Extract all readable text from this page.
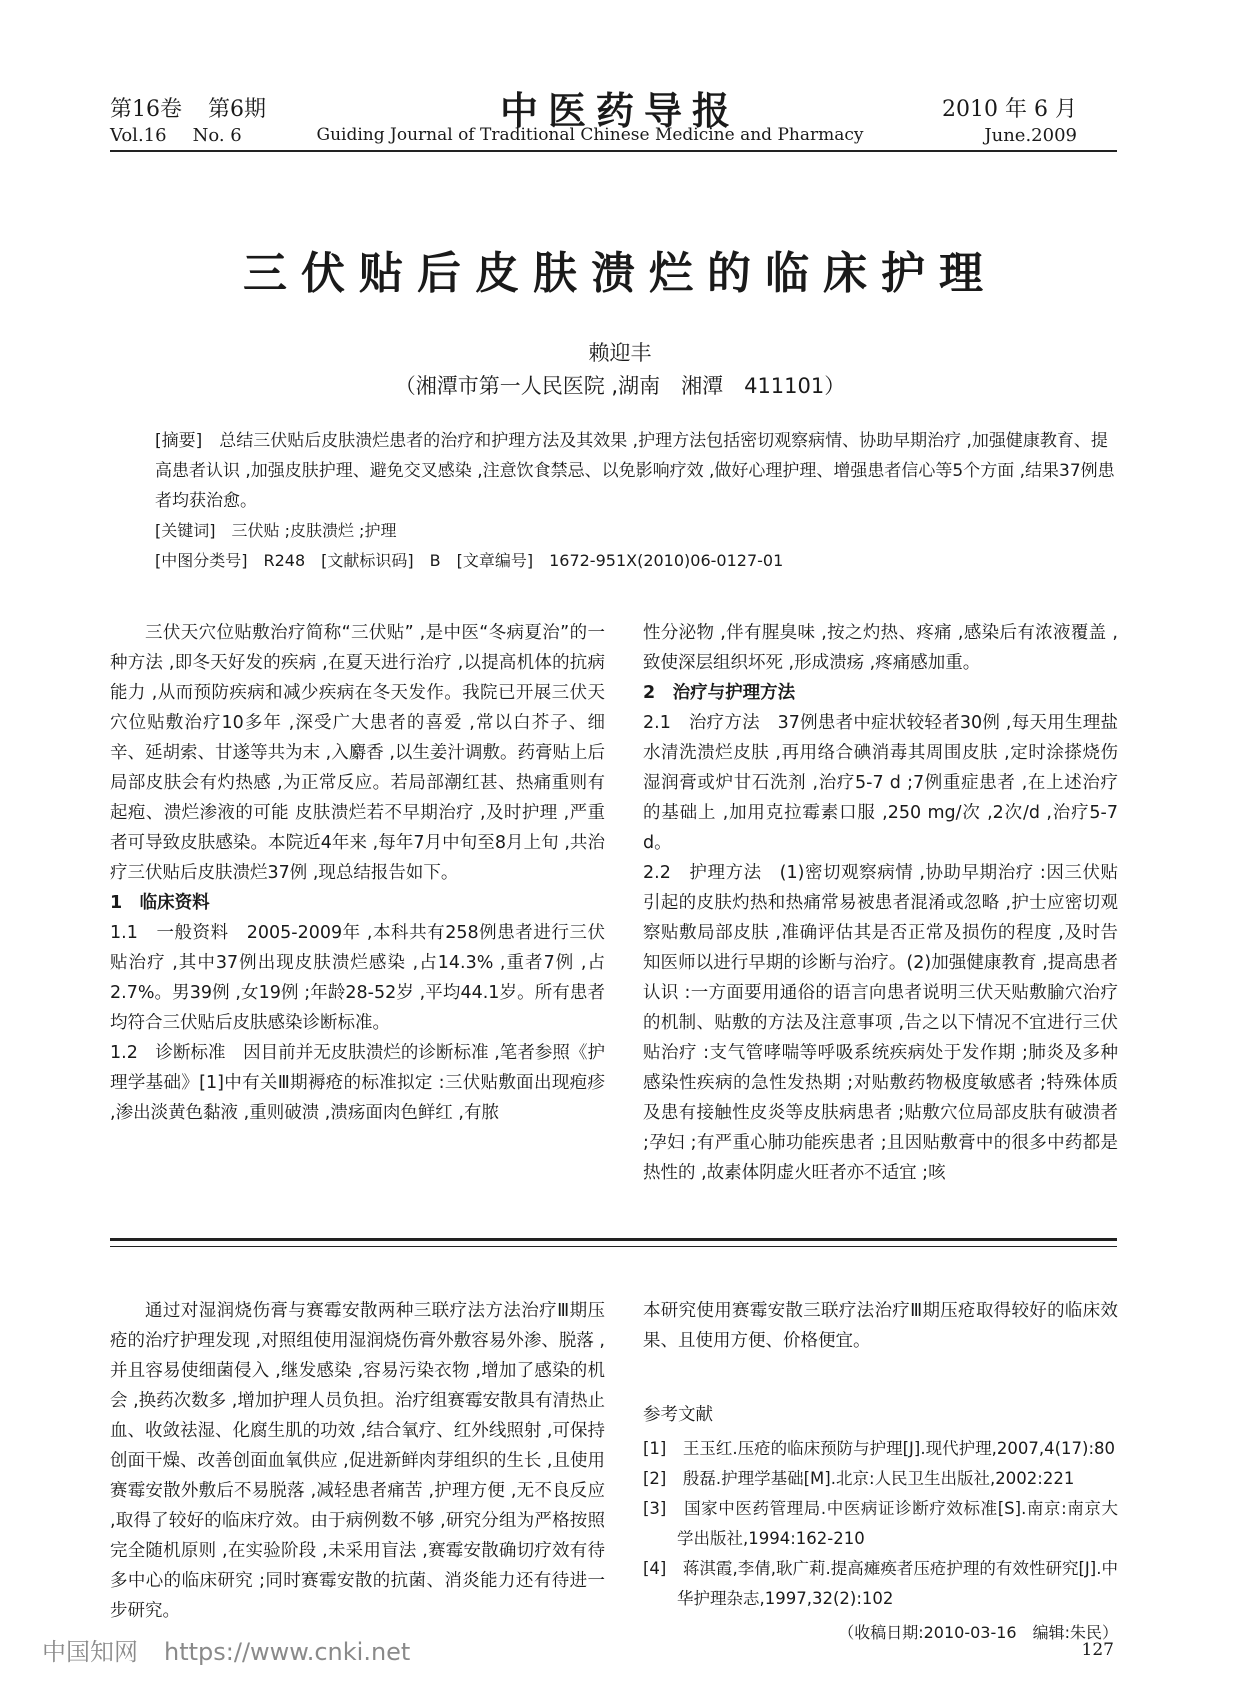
第16卷 第6期
Vol.16 No. 6
中医药导报
Guiding Journal of Traditional Chinese Medicine and Pharmacy
2010 年 6 月
June.2009
三伏贴后皮肤溃烂的临床护理
赖迎丰
（湘潭市第一人民医院 ,湖南　湘潭　411101）

[摘要]　总结三伏贴后皮肤溃烂患者的治疗和护理方法及其效果 ,护理方法包括密切观察病情、协助早期治疗 ,加强健康教育、提高患者认识 ,加强皮肤护理、避免交叉感染 ,注意饮食禁忌、以免影响疗效 ,做好心理护理、增强患者信心等5个方面 ,结果37例患者均获治愈。

[关键词]　三伏贴 ;皮肤溃烂 ;护理

[中图分类号]　R248　[文献标识码]　B　[文章编号]　1672-951X(2010)06-0127-01

三伏天穴位贴敷治疗简称“三伏贴” ,是中医“冬病夏治”的一种方法 ,即冬天好发的疾病 ,在夏天进行治疗 ,以提高机体的抗病能力 ,从而预防疾病和减少疾病在冬天发作。我院已开展三伏天穴位贴敷治疗10多年 ,深受广大患者的喜爱 ,常以白芥子、细辛、延胡索、甘遂等共为末 ,入麝香 ,以生姜汁调敷。药膏贴上后局部皮肤会有灼热感 ,为正常反应。若局部潮红甚、热痛重则有起疱、溃烂渗液的可能 皮肤溃烂若不早期治疗 ,及时护理 ,严重者可导致皮肤感染。本院近4年来 ,每年7月中旬至8月上旬 ,共治疗三伏贴后皮肤溃烂37例 ,现总结报告如下。

1　临床资料

1.1　一般资料　2005-2009年 ,本科共有258例患者进行三伏贴治疗 ,其中37例出现皮肤溃烂感染 ,占14.3% ,重者7例 ,占2.7%。男39例 ,女19例 ;年龄28-52岁 ,平均44.1岁。所有患者均符合三伏贴后皮肤感染诊断标准。

1.2　诊断标准　因目前并无皮肤溃烂的诊断标准 ,笔者参照《护理学基础》[1]中有关Ⅲ期褥疮的标准拟定 :三伏贴敷面出现疱疹 ,渗出淡黄色黏液 ,重则破溃 ,溃疡面肉色鲜红 ,有脓

性分泌物 ,伴有腥臭味 ,按之灼热、疼痛 ,感染后有浓液覆盖 ,致使深层组织坏死 ,形成溃疡 ,疼痛感加重。

2　治疗与护理方法

2.1　治疗方法　37例患者中症状较轻者30例 ,每天用生理盐水清洗溃烂皮肤 ,再用络合碘消毒其周围皮肤 ,定时涂搽烧伤湿润膏或炉甘石洗剂 ,治疗5-7 d ;7例重症患者 ,在上述治疗的基础上 ,加用克拉霉素口服 ,250 mg/次 ,2次/d ,治疗5-7 d。

2.2　护理方法　(1)密切观察病情 ,协助早期治疗 :因三伏贴引起的皮肤灼热和热痛常易被患者混淆或忽略 ,护士应密切观察贴敷局部皮肤 ,准确评估其是否正常及损伤的程度 ,及时告知医师以进行早期的诊断与治疗。(2)加强健康教育 ,提高患者认识 :一方面要用通俗的语言向患者说明三伏天贴敷腧穴治疗的机制、贴敷的方法及注意事项 ,告之以下情况不宜进行三伏贴治疗 :支气管哮喘等呼吸系统疾病处于发作期 ;肺炎及多种感染性疾病的急性发热期 ;对贴敷药物极度敏感者 ;特殊体质及患有接触性皮炎等皮肤病患者 ;贴敷穴位局部皮肤有破溃者 ;孕妇 ;有严重心肺功能疾患者 ;且因贴敷膏中的很多中药都是热性的 ,故素体阴虚火旺者亦不适宜 ;咳

通过对湿润烧伤膏与赛霉安散两种三联疗法方法治疗Ⅲ期压疮的治疗护理发现 ,对照组使用湿润烧伤膏外敷容易外渗、脱落 ,并且容易使细菌侵入 ,继发感染 ,容易污染衣物 ,增加了感染的机会 ,换药次数多 ,增加护理人员负担。治疗组赛霉安散具有清热止血、收敛祛湿、化腐生肌的功效 ,结合氧疗、红外线照射 ,可保持创面干燥、改善创面血氧供应 ,促进新鲜肉芽组织的生长 ,且使用赛霉安散外敷后不易脱落 ,减轻患者痛苦 ,护理方便 ,无不良反应 ,取得了较好的临床疗效。由于病例数不够 ,研究分组为严格按照完全随机原则 ,在实验阶段 ,未采用盲法 ,赛霉安散确切疗效有待多中心的临床研究 ;同时赛霉安散的抗菌、消炎能力还有待进一步研究。

本研究使用赛霉安散三联疗法治疗Ⅲ期压疮取得较好的临床效果、且使用方便、价格便宜。

参考文献
[1]　王玉红.压疮的临床预防与护理[J].现代护理,2007,4(17):80
[2]　殷磊.护理学基础[M].北京:人民卫生出版社,2002:221
[3]　国家中医药管理局.中医病证诊断疗效标准[S].南京:南京大学出版社,1994:162-210
[4]　蒋淇霞,李倩,耿广莉.提高瘫痪者压疮护理的有效性研究[J].中华护理杂志,1997,32(2):102
（收稿日期:2010-03-16　编辑:朱民）
中国知网 https://www.cnki.net	127
